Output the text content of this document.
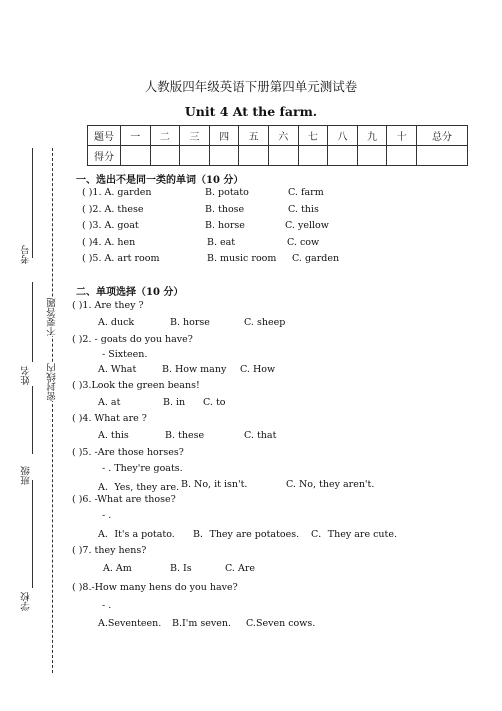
考号
姓名
班级
学校
不要答题
密封线内
人教版四年级英语下册第四单元测试卷
Unit 4 At the farm.
题号	一	二	三	四	五	六	七	八	九	十	总分
得分											
一、选出不是同一类的单词（10 分）
( )1. A. garden	B. potato	C. farm
( )2. A. these	B. those	C. this
( )3. A. goat	B. horse	C. yellow
( )4. A. hen	B. eat	C. cow
( )5. A. art room	B. music room C. garden
二、单项选择（10 分）
( )1. Are they ?
A. duck	B. horse	C. sheep
( )2. - goats do you have?
- Sixteen.
A. What	B. How many C. How
( )3.Look the green beans!
A. at	B. in C. to
( )4. What are ?
A. this	B. these	C. that
( )5. -Are those horses?
- . They're goats.
A．Yes, they are. B. No, it isn't.	C. No, they aren't.
( )6. -What are those?
- .
A．It's a potato. B．They are potatoes. C．They are cute.
( )7. they hens?
A. Am	B. Is	C. Are
( )8.-How many hens do you have?
- .
A.Seventeen. B.I'm seven. C.Seven cows.
